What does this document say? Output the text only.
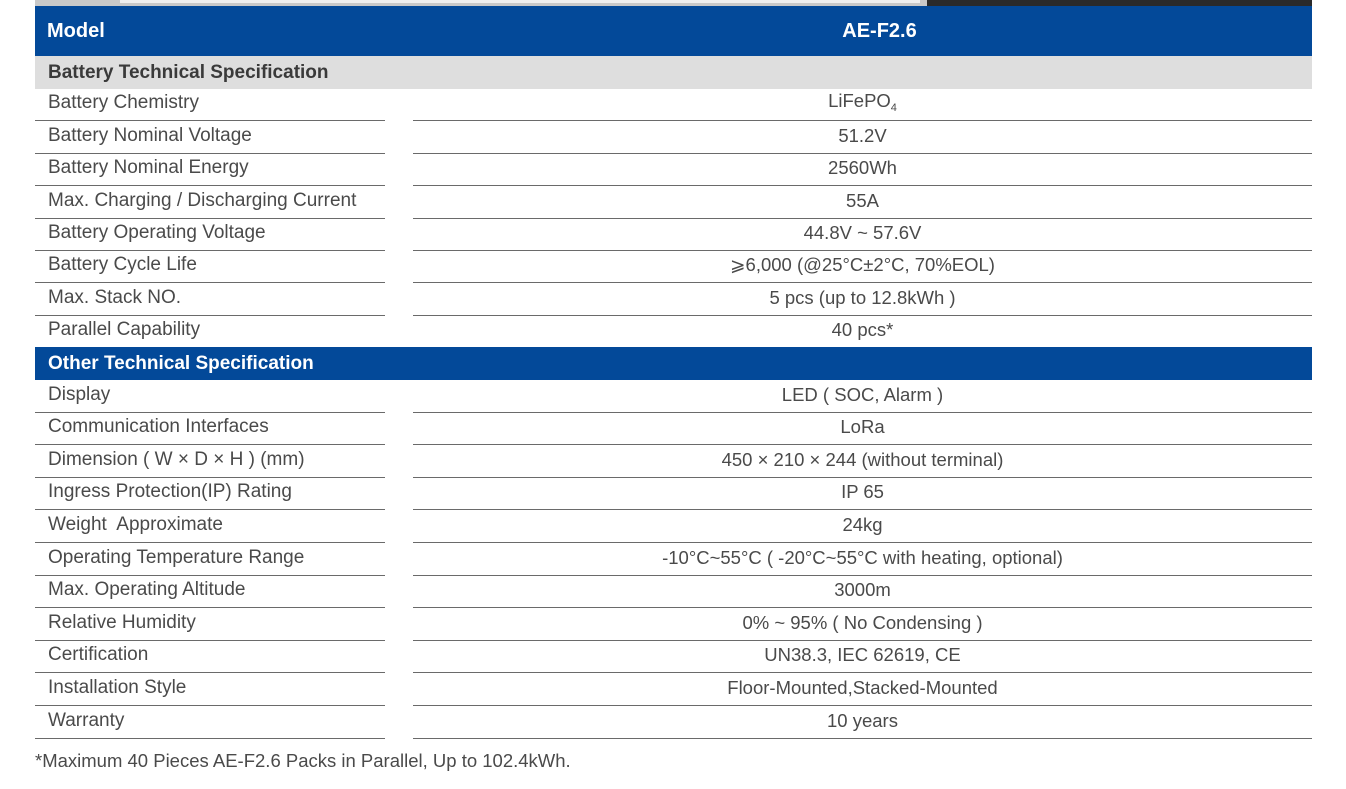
Model	AE-F2.6
Battery Technical Specification
Battery Chemistry	LiFePO$_4$
Battery Nominal Voltage	51.2V
Battery Nominal Energy	2560Wh
Max. Charging / Discharging Current	55A
Battery Operating Voltage	44.8V ~ 57.6V
Battery Cycle Life	⩾6,000 (@25°C±2°C, 70%EOL)
Max. Stack NO.	5 pcs (up to 12.8kWh )
Parallel Capability	40 pcs*
Other Technical Specification
Display	LED ( SOC, Alarm )
Communication Interfaces	LoRa
Dimension ( W × D × H ) (mm)	450 × 210 × 244 (without terminal)
Ingress Protection(IP) Rating	IP 65
Weight  Approximate	24kg
Operating Temperature Range	-10°C~55°C ( -20°C~55°C with heating, optional)
Max. Operating Altitude	3000m
Relative Humidity	0% ~ 95% ( No Condensing )
Certification	UN38.3, IEC 62619, CE
Installation Style	Floor-Mounted,Stacked-Mounted
Warranty	10 years
*Maximum 40 Pieces AE-F2.6 Packs in Parallel, Up to 102.4kWh.
